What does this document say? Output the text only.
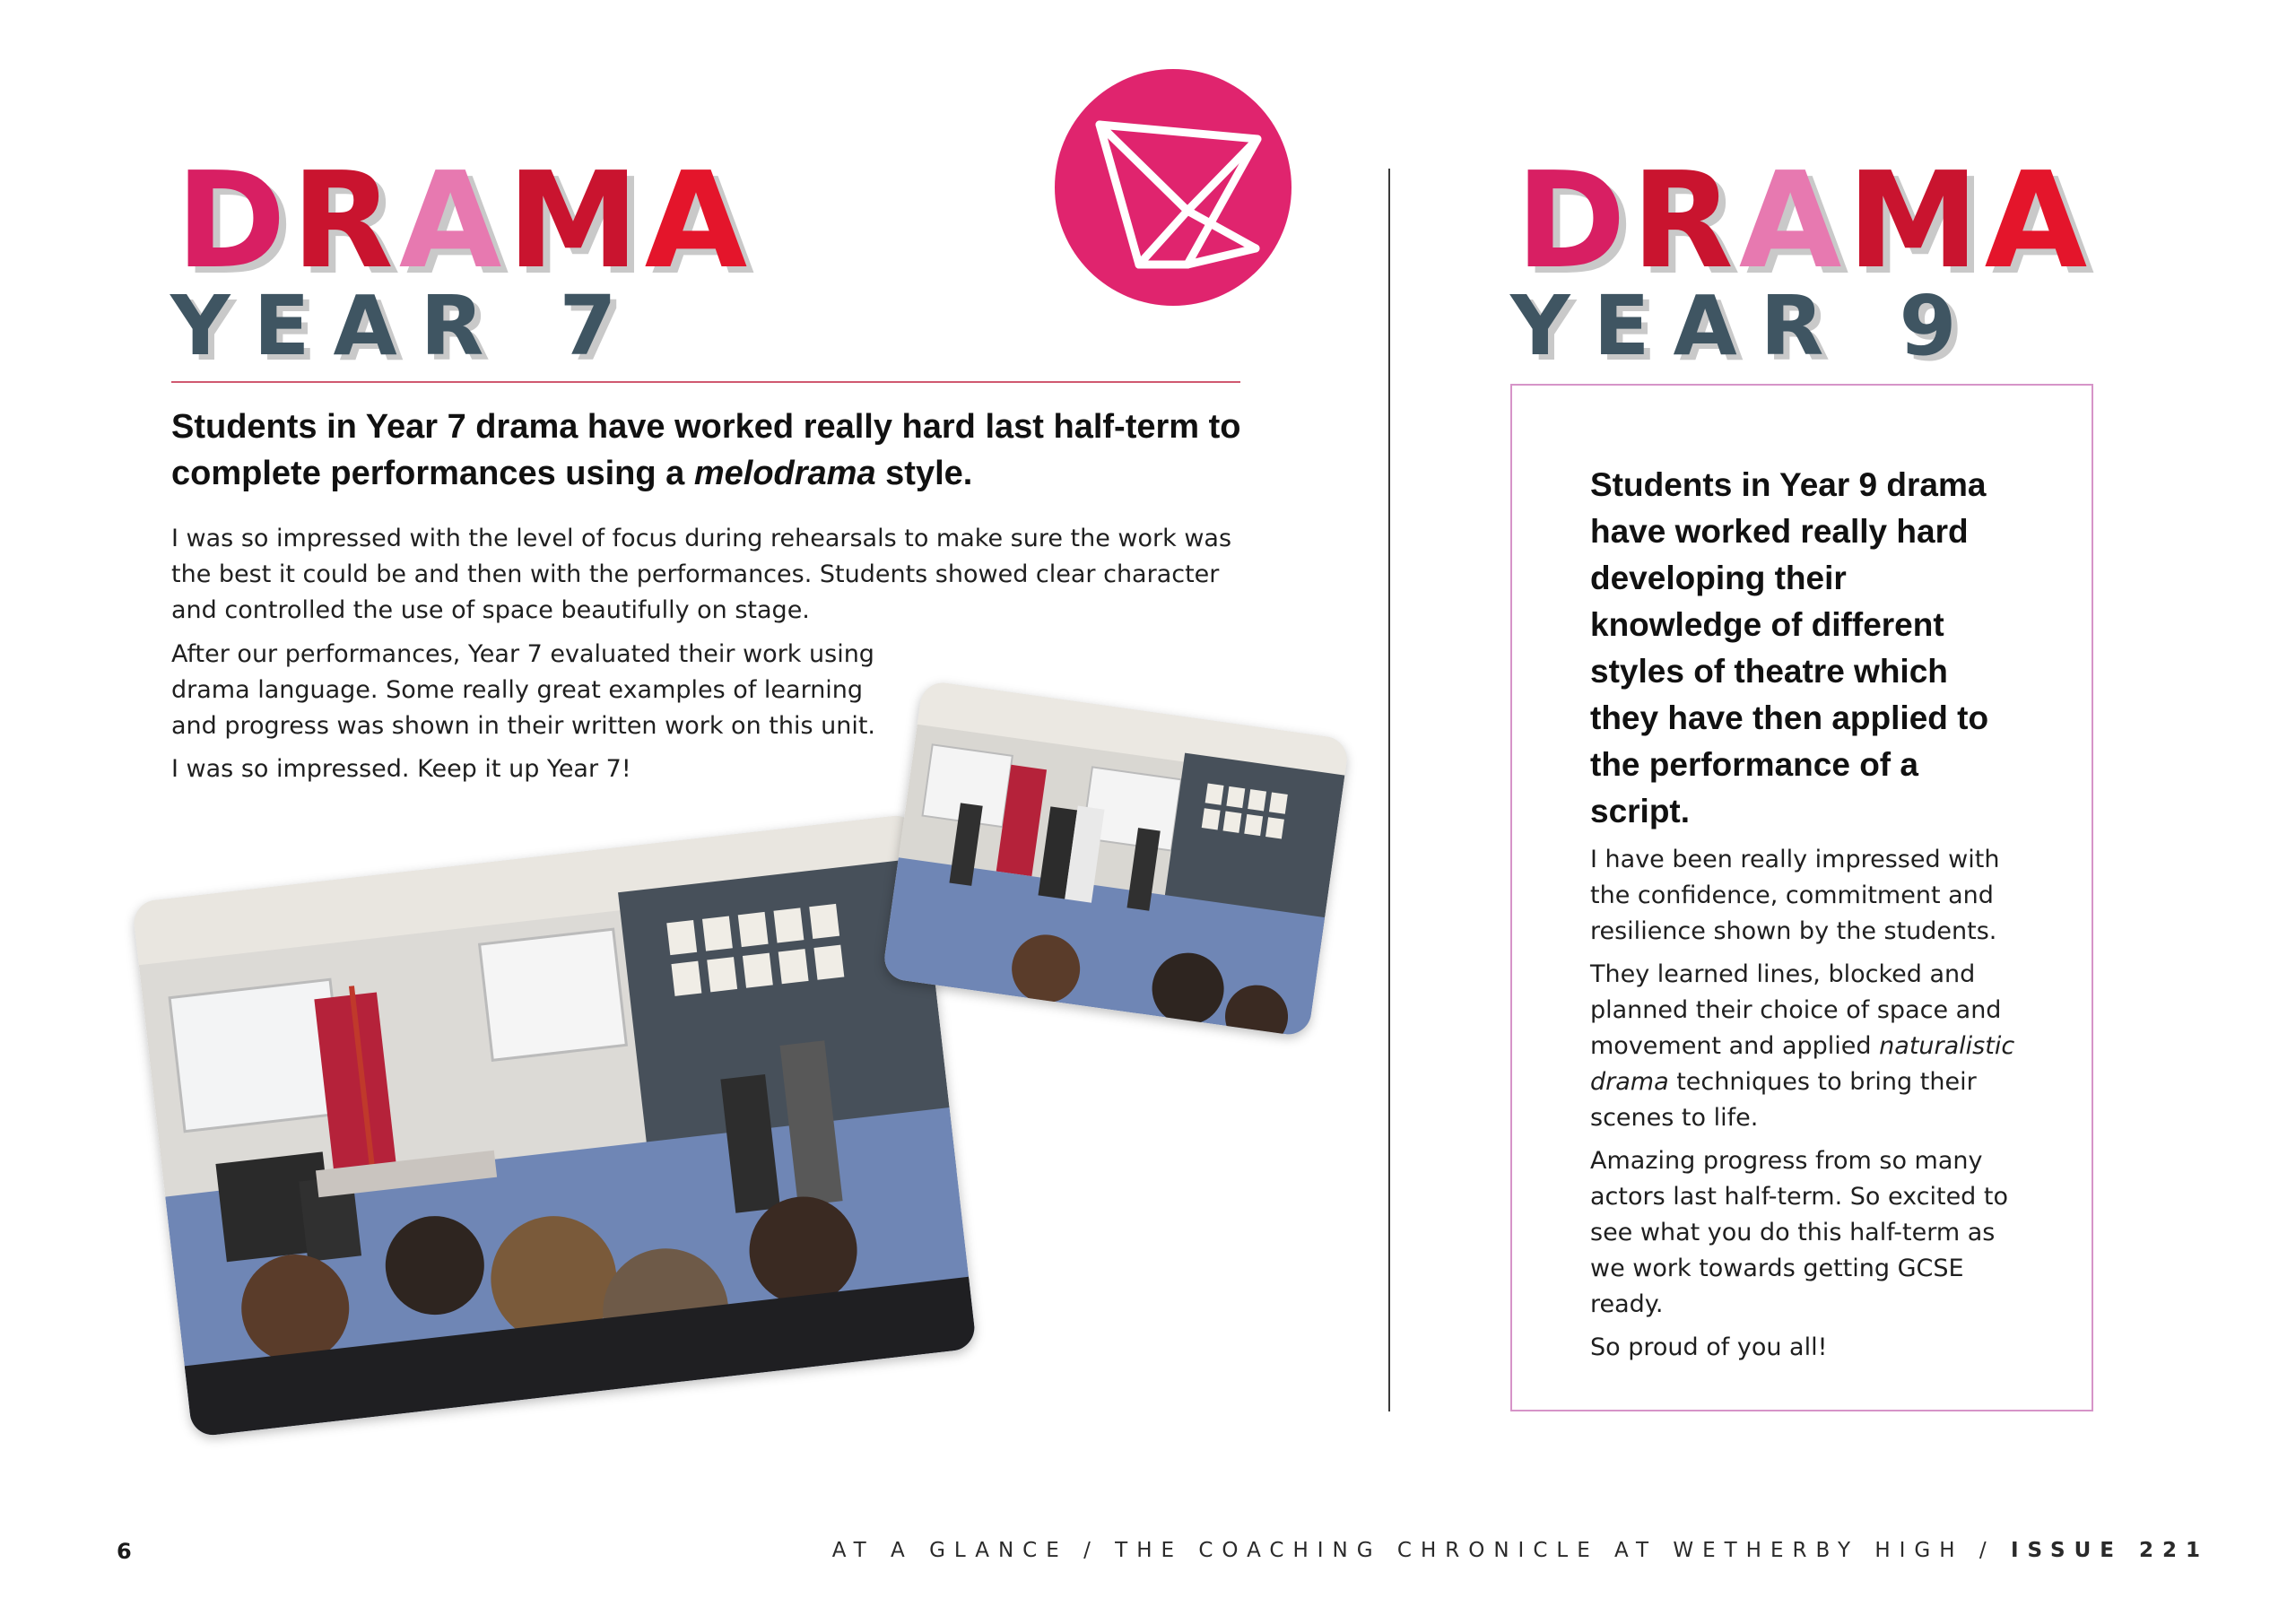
DRAMA
YEAR 7
Students in Year 7 drama have worked really hard last half-term to complete performances using a melodrama style.

I was so impressed with the level of focus during rehearsals to make sure the work was the best it could be and then with the performances. Students showed clear character and controlled the use of space beautifully on stage.

After our performances, Year 7 evaluated their work using drama language. Some really great examples of learning and progress was shown in their written work on this unit.

I was so impressed. Keep it up Year 7!

DRAMA
YEAR 9
Students in Year 9 drama have worked really hard developing their knowledge of different styles of theatre which they have then applied to the performance of a script.

I have been really impressed with the confidence, commitment and resilience shown by the students.

They learned lines, blocked and planned their choice of space and movement and applied naturalistic drama techniques to bring their scenes to life.

Amazing progress from so many actors last half-term. So excited to see what you do this half-term as we work towards getting GCSE ready.

So proud of you all!

6	AT A GLANCE / THE COACHING CHRONICLE AT WETHERBY HIGH / ISSUE 221
